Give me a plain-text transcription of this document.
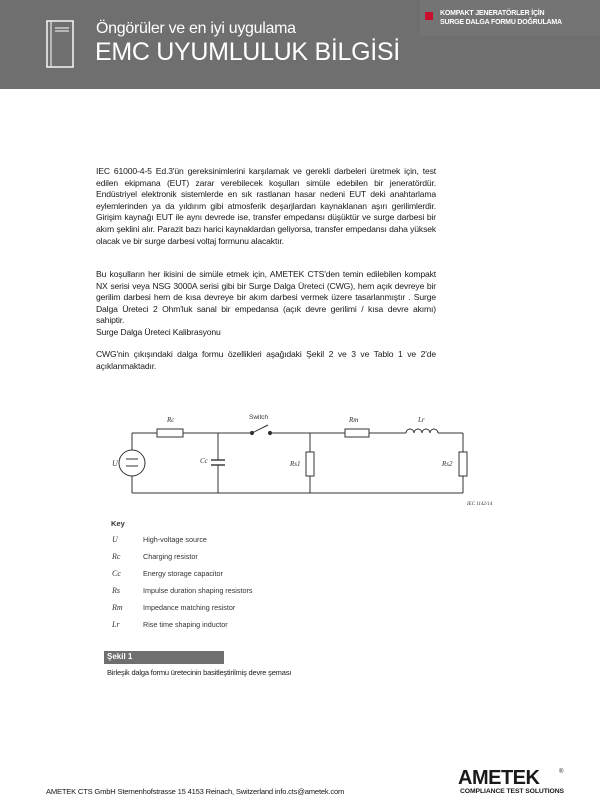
Öngörüler ve en iyi uygulama
EMC UYUMLULUK BİLGİSİ
KOMPAKT JENERATÖRLER İÇİN
SURGE DALGA FORMU DOĞRULAMA
IEC 61000-4-5 Ed.3'ün gereksinimlerini karşılamak ve gerekli darbeleri üretmek için, test edilen ekipmana (EUT) zarar verebilecek koşulları simüle edebilen bir jeneratördür. Endüstriyel elektronik sistemlerde en sık rastlanan hasar nedeni EUT deki anahtarlama eylemlerinden ya da yıldırım gibi atmosferik deşarjlardan kaynaklanan aşırı gerilimlerdir. Girişim kaynağı EUT ile aynı devrede ise, transfer empedansı düşüktür ve surge darbesi bir akım şeklini alır. Parazit bazı harici kaynaklardan geliyorsa, transfer empedansı daha yüksek olacak ve bir surge darbesi voltaj formunu alacaktır.
Bu koşulların her ikisini de simüle etmek için, AMETEK CTS'den temin edilebilen kompakt NX serisi veya NSG 3000A serisi gibi bir Surge Dalga Üreteci (CWG), hem açık devreye bir gerilim darbesi hem de kısa devreye bir akım darbesi vermek üzere tasarlanmıştır . Surge Dalga Üreteci 2 Ohm'luk sanal bir empedansa (açık devre gerilimi / kısa devre akımı) sahiptir.
Surge Dalga Üreteci Kalibrasyonu
CWG'nin çıkışındaki dalga formu özellikleri aşağıdaki Şekil 2 ve 3 ve Tablo 1 ve 2'de açıklanmaktadır.
Rc	Switch	Rm	Lr
U	Cc	Rs1	Rs2
IEC 1142/14
Key
U	High-voltage source
Rc	Charging resistor
Cc	Energy storage capacitor
Rs	Impulse duration shaping resistors
Rm	Impedance matching resistor
Lr	Rise time shaping inductor
Şekil 1
Birleşik dalga formu üretecinin basitleştirilmiş devre şeması
AMETEK CTS GmbH Sternenhofstrasse 15 4153 Reinach, Switzerland info.cts@ametek.com
AMETEK	®
COMPLIANCE TEST SOLUTIONS
